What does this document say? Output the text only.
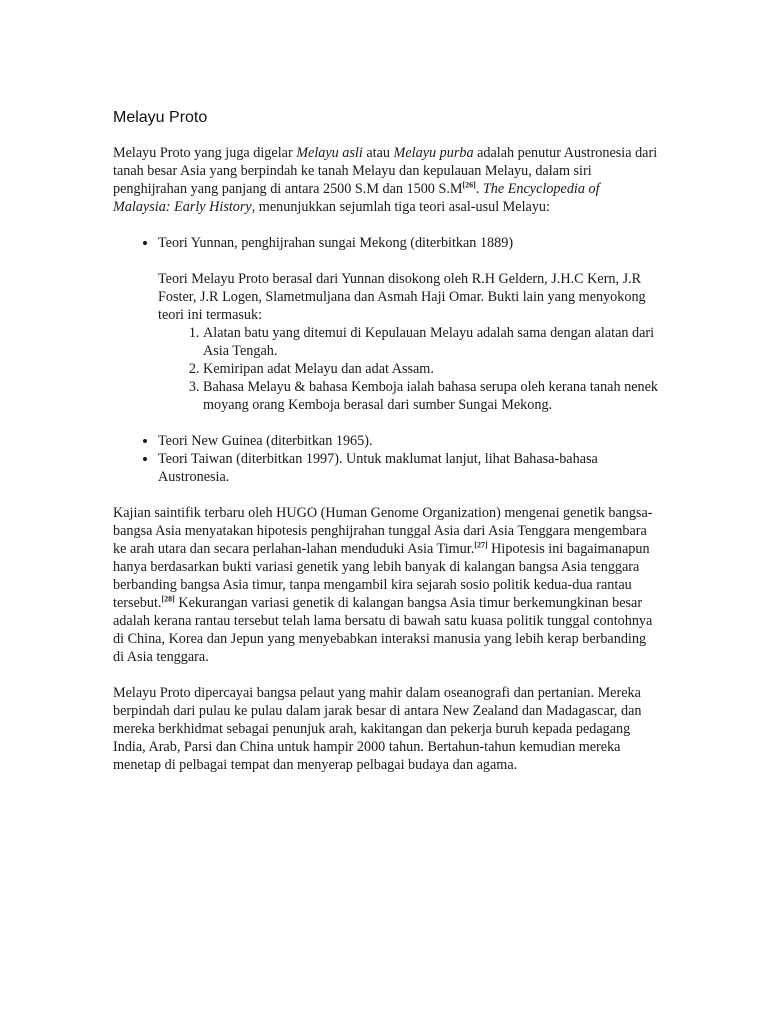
Melayu Proto

Melayu Proto yang juga digelar Melayu asli atau Melayu purba adalah penutur Austronesia dari tanah besar Asia yang berpindah ke tanah Melayu dan kepulauan Melayu, dalam siri penghijrahan yang panjang di antara 2500 S.M dan 1500 S.M[26]. The Encyclopedia of Malaysia: Early History, menunjukkan sejumlah tiga teori asal-usul Melayu:

• Teori Yunnan, penghijrahan sungai Mekong (diterbitkan 1889)
Teori Melayu Proto berasal dari Yunnan disokong oleh R.H Geldern, J.H.C Kern, J.R Foster, J.R Logen, Slametmuljana dan Asmah Haji Omar. Bukti lain yang menyokong teori ini termasuk:
1. Alatan batu yang ditemui di Kepulauan Melayu adalah sama dengan alatan dari Asia Tengah.
2. Kemiripan adat Melayu dan adat Assam.
3. Bahasa Melayu & bahasa Kemboja ialah bahasa serupa oleh kerana tanah nenek moyang orang Kemboja berasal dari sumber Sungai Mekong.
• Teori New Guinea (diterbitkan 1965).
• Teori Taiwan (diterbitkan 1997). Untuk maklumat lanjut, lihat Bahasa-bahasa Austronesia.

Kajian saintifik terbaru oleh HUGO (Human Genome Organization) mengenai genetik bangsa-bangsa Asia menyatakan hipotesis penghijrahan tunggal Asia dari Asia Tenggara mengembara ke arah utara dan secara perlahan-lahan menduduki Asia Timur.[27] Hipotesis ini bagaimanapun hanya berdasarkan bukti variasi genetik yang lebih banyak di kalangan bangsa Asia tenggara berbanding bangsa Asia timur, tanpa mengambil kira sejarah sosio politik kedua-dua rantau tersebut.[28] Kekurangan variasi genetik di kalangan bangsa Asia timur berkemungkinan besar adalah kerana rantau tersebut telah lama bersatu di bawah satu kuasa politik tunggal contohnya di China, Korea dan Jepun yang menyebabkan interaksi manusia yang lebih kerap berbanding di Asia tenggara.

Melayu Proto dipercayai bangsa pelaut yang mahir dalam oseanografi dan pertanian. Mereka berpindah dari pulau ke pulau dalam jarak besar di antara New Zealand dan Madagascar, dan mereka berkhidmat sebagai penunjuk arah, kakitangan dan pekerja buruh kepada pedagang India, Arab, Parsi dan China untuk hampir 2000 tahun. Bertahun-tahun kemudian mereka menetap di pelbagai tempat dan menyerap pelbagai budaya dan agama.
